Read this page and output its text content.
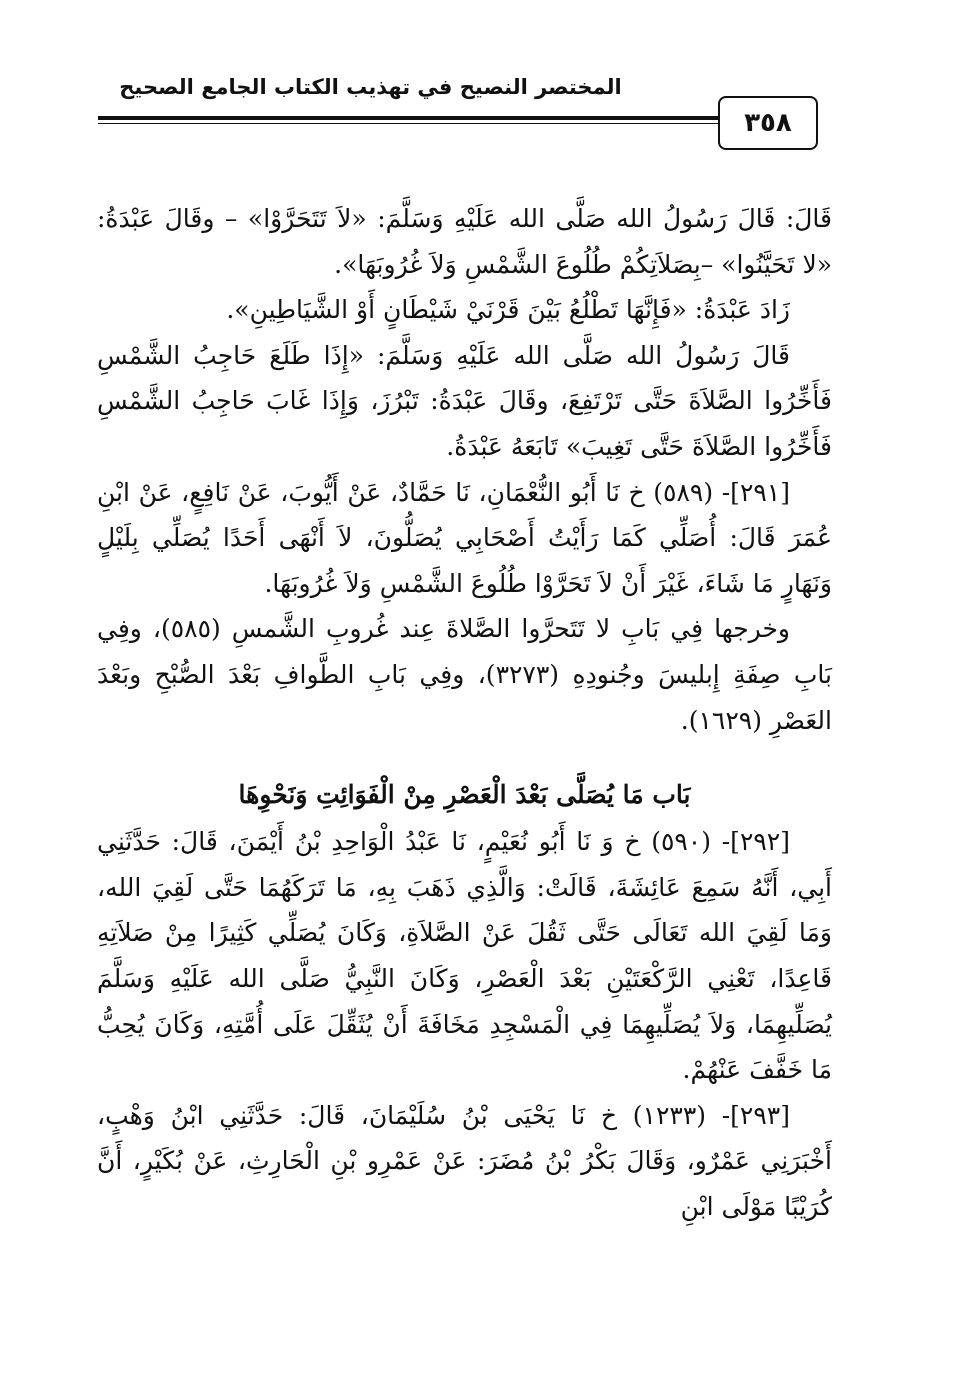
المختصر النصيح في تهذيب الكتاب الجامع الصحيح
٣٥٨

قَالَ: قَالَ رَسُولُ الله صَلَّى الله عَلَيْهِ وَسَلَّمَ: «لاَ تَتَحَرَّوْا» – وقَالَ عَبْدَةُ: «لا تَحَيَّنُوا» –بِصَلاَتِكُمْ طُلُوعَ الشَّمْسِ وَلاَ غُرُوبَهَا».

زَادَ عَبْدَةُ: «فَإِنَّهَا تَطْلُعُ بَيْنَ قَرْنَيْ شَيْطَانٍ أَوْ الشَّيَاطِينِ».

قَالَ رَسُولُ الله صَلَّى الله عَلَيْهِ وَسَلَّمَ: «إِذَا طَلَعَ حَاجِبُ الشَّمْسِ فَأَخِّرُوا الصَّلاَةَ حَتَّى تَرْتَفِعَ، وقَالَ عَبْدَةُ: تَبْرُزَ، وَإِذَا غَابَ حَاجِبُ الشَّمْسِ فَأَخِّرُوا الصَّلاَةَ حَتَّى تَغِيبَ» تَابَعَهُ عَبْدَةُ.

[٢٩١]- (٥٨٩) خ نَا أَبُو النُّعْمَانِ، نَا حَمَّادٌ، عَنْ أَيُّوبَ، عَنْ نَافِعٍ، عَنْ ابْنِ عُمَرَ قَالَ: أُصَلِّي كَمَا رَأَيْتُ أَصْحَابِي يُصَلُّونَ، لاَ أَنْهَى أَحَدًا يُصَلِّي بِلَيْلٍ وَنَهَارٍ مَا شَاءَ، غَيْرَ أَنْ لاَ تَحَرَّوْا طُلُوعَ الشَّمْسِ وَلاَ غُرُوبَهَا.

وخرجها فِي بَابِ لا تَتَحرَّوا الصَّلاةَ عِند غُروبِ الشَّمسِ (٥٨٥)، وفِي بَابِ صِفَةِ إِبليسَ وجُنودِهِ (٣٢٧٣)، وفِي بَابِ الطَّوافِ بَعْدَ الصُّبْحِ وبَعْدَ العَصْرِ (١٦٢٩).

بَاب مَا يُصَلَّى بَعْدَ الْعَصْرِ مِنْ الْفَوَائِتِ وَنَحْوِهَا

[٢٩٢]- (٥٩٠) خ وَ نَا أَبُو نُعَيْمٍ، نَا عَبْدُ الْوَاحِدِ بْنُ أَيْمَنَ، قَالَ: حَدَّثَنِي أَبِي، أَنَّهُ سَمِعَ عَائِشَةَ، قَالَتْ: وَالَّذِي ذَهَبَ بِهِ، مَا تَرَكَهُمَا حَتَّى لَقِيَ الله، وَمَا لَقِيَ الله تَعَالَى حَتَّى ثَقُلَ عَنْ الصَّلاَةِ، وَكَانَ يُصَلِّي كَثِيرًا مِنْ صَلاَتِهِ قَاعِدًا، تَعْنِي الرَّكْعَتَيْنِ بَعْدَ الْعَصْرِ، وَكَانَ النَّبِيُّ صَلَّى الله عَلَيْهِ وَسَلَّمَ يُصَلِّيهِمَا، وَلاَ يُصَلِّيهِمَا فِي الْمَسْجِدِ مَخَافَةَ أَنْ يُثَقِّلَ عَلَى أُمَّتِهِ، وَكَانَ يُحِبُّ مَا خَفَّفَ عَنْهُمْ.

[٢٩٣]- (١٢٣٣) خ نَا يَحْيَى بْنُ سُلَيْمَانَ، قَالَ: حَدَّثَنِي ابْنُ وَهْبٍ، أَخْبَرَنِي عَمْرٌو، وَقَالَ بَكْرُ بْنُ مُضَرَ: عَنْ عَمْرِو بْنِ الْحَارِثِ، عَنْ بُكَيْرٍ، أَنَّ كُرَيْبًا مَوْلَى ابْنِ
